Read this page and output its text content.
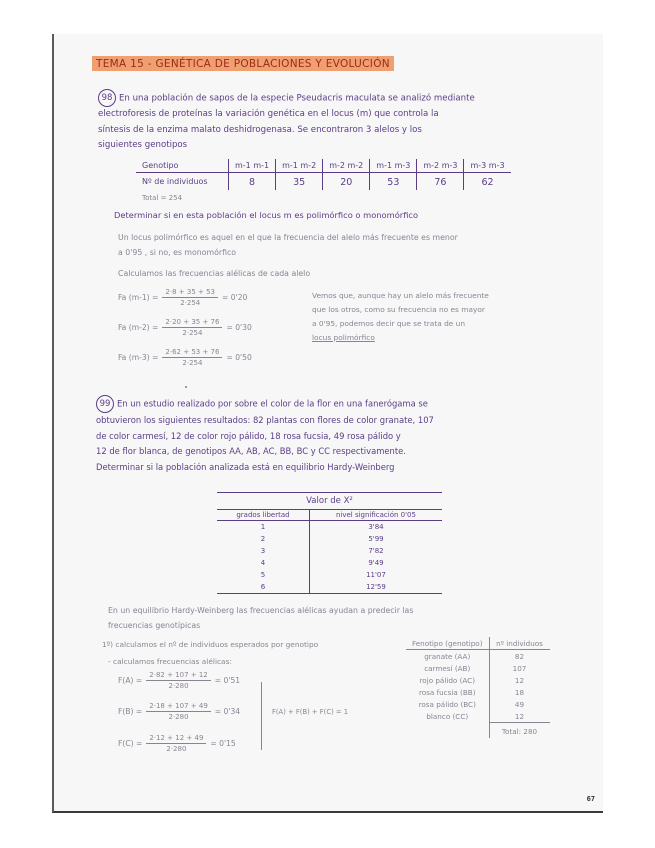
TEMA 15 - GENÉTICA DE POBLACIONES Y EVOLUCIÓN
98 En una población de sapos de la especie Pseudacris maculata se analizó mediante
electroforesis de proteínas la variación genética en el locus (m) que controla la
síntesis de la enzima malato deshidrogenasa. Se encontraron 3 alelos y los
siguientes genotipos
Genotipo	m-1 m-1	m-1 m-2	m-2 m-2	m-1 m-3	m-2 m-3	m-3 m-3
Nº de individuos	8	35	20	53	76	62
Total = 254
Determinar si en esta población el locus m es polimórfico o monomórfico
Un locus polimórfico es aquel en el que la frecuencia del alelo más frecuente es menor
a 0'95 , si no, es monomórfico
Calculamos las frecuencias alélicas de cada alelo
Fa $(m-1) = \frac{2\cdot 8 + 35 + 53}{2\cdot 254} = 0'20$
Fa $(m-2) = \frac{2\cdot 20 + 35 + 76}{2\cdot 254} = 0'30$
Fa $(m-3) = \frac{2\cdot 62 + 53 + 76}{2\cdot 254} = 0'50$
Vemos que, aunque hay un alelo más frecuente
que los otros, como su frecuencia no es mayor
a 0'95, podemos decir que se trata de un
locus polimórfico
99 En un estudio realizado por sobre el color de la flor en una fanerógama se
obtuvieron los siguientes resultados: 82 plantas con flores de color granate, 107
de color carmesí, 12 de color rojo pálido, 18 rosa fucsia, 49 rosa pálido y
12 de flor blanca, de genotipos AA, AB, AC, BB, BC y CC respectivamente.
Determinar si la población analizada está en equilibrio Hardy-Weinberg
Valor de X²	
grados libertad	nivel significación 0'05
1	3'84
2	5'99
3	7'82
4	9'49
5	11'07
6	12'59
En un equilibrio Hardy-Weinberg las frecuencias alélicas ayudan a predecir las
frecuencias genotípicas
1º) calculamos el nº de individuos esperados por genotipo
- calculamos frecuencias alélicas:
$F(A) = \frac{2\cdot 82 + 107 + 12}{2\cdot 280} = 0'51$
$F(B) = \frac{2\cdot 18 + 107 + 49}{2\cdot 280} = 0'34$
$F(C) = \frac{2\cdot 12 + 12 + 49}{2\cdot 280} = 0'15$
F(A) + F(B) + F(C) = 1
Fenotipo (genotipo)	nº individuos
granate (AA)	82
carmesí (AB)	107
rojo pálido (AC)	12
rosa fucsia (BB)	18
rosa pálido (BC)	49
blanco (CC)	12
	Total: 280
67
